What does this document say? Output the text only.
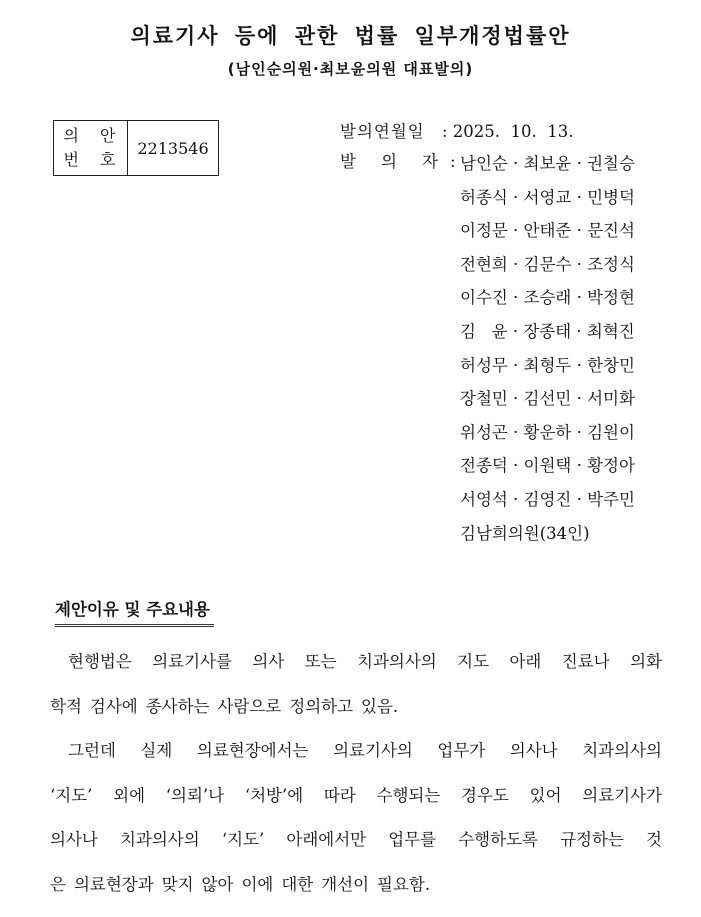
의료기사 등에 관한 법률 일부개정법률안
(남인순의원·최보윤의원 대표발의)
의 안
번 호
2213546
발의연월일	: 2025.  10.  13.
발 의 자 : 남인순 · 최보윤 · 권칠승
허종식 · 서영교 · 민병덕
이정문 · 안태준 · 문진석
전현희 · 김문수 · 조정식
이수진 · 조승래 · 박정현
김   윤 · 장종태 · 최혁진
허성무 · 최형두 · 한창민
장철민 · 김선민 · 서미화
위성곤 · 황운하 · 김원이
전종덕 · 이원택 · 황정아
서영석 · 김영진 · 박주민
김남희의원(34인)
제안이유 및 주요내용
현행법은 의료기사를 의사 또는 치과의사의 지도 아래 진료나 의화
학적 검사에 종사하는 사람으로 정의하고 있음.
그런데 실제 의료현장에서는 의료기사의 업무가 의사나 치과의사의
‘지도’ 외에 ‘의뢰’나 ‘처방’에 따라 수행되는 경우도 있어 의료기사가
의사나 치과의사의 ‘지도’ 아래에서만 업무를 수행하도록 규정하는 것
은 의료현장과 맞지 않아 이에 대한 개선이 필요함.
